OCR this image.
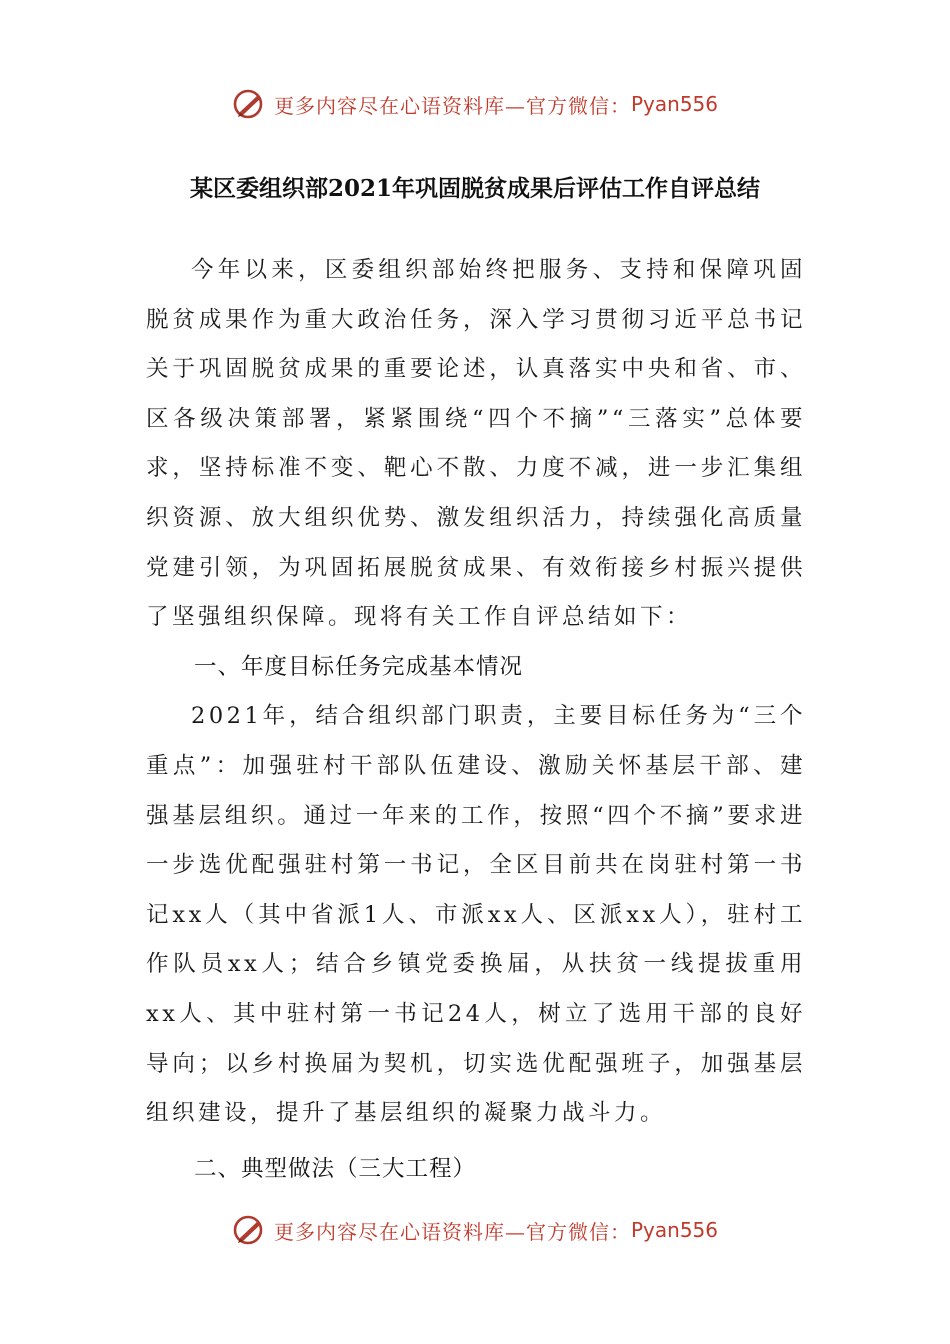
更多内容尽在心语资料库—官方微信： Pyan556
某区委组织部2021年巩固脱贫成果后评估工作自评总结

今年以来，区委组织部始终把服务、支持和保障巩固脱贫成果作为重大政治任务，深入学习贯彻习近平总书记关于巩固脱贫成果的重要论述，认真落实中央和省、市、区各级决策部署，紧紧围绕“四个不摘”“三落实”总体要求，坚持标准不变、靶心不散、力度不减，进一步汇集组织资源、放大组织优势、激发组织活力，持续强化高质量党建引领，为巩固拓展脱贫成果、有效衔接乡村振兴提供了坚强组织保障。现将有关工作自评总结如下：

一、年度目标任务完成基本情况

2021年，结合组织部门职责，主要目标任务为“三个重点”：加强驻村干部队伍建设、激励关怀基层干部、建强基层组织。通过一年来的工作，按照“四个不摘”要求进一步选优配强驻村第一书记，全区目前共在岗驻村第一书记xx人（其中省派1人、市派xx人、区派xx人），驻村工作队员xx人；结合乡镇党委换届，从扶贫一线提拔重用xx人、其中驻村第一书记24人，树立了选用干部的良好导向；以乡村换届为契机，切实选优配强班子，加强基层组织建设，提升了基层组织的凝聚力战斗力。

二、典型做法（三大工程）

更多内容尽在心语资料库—官方微信： Pyan556
